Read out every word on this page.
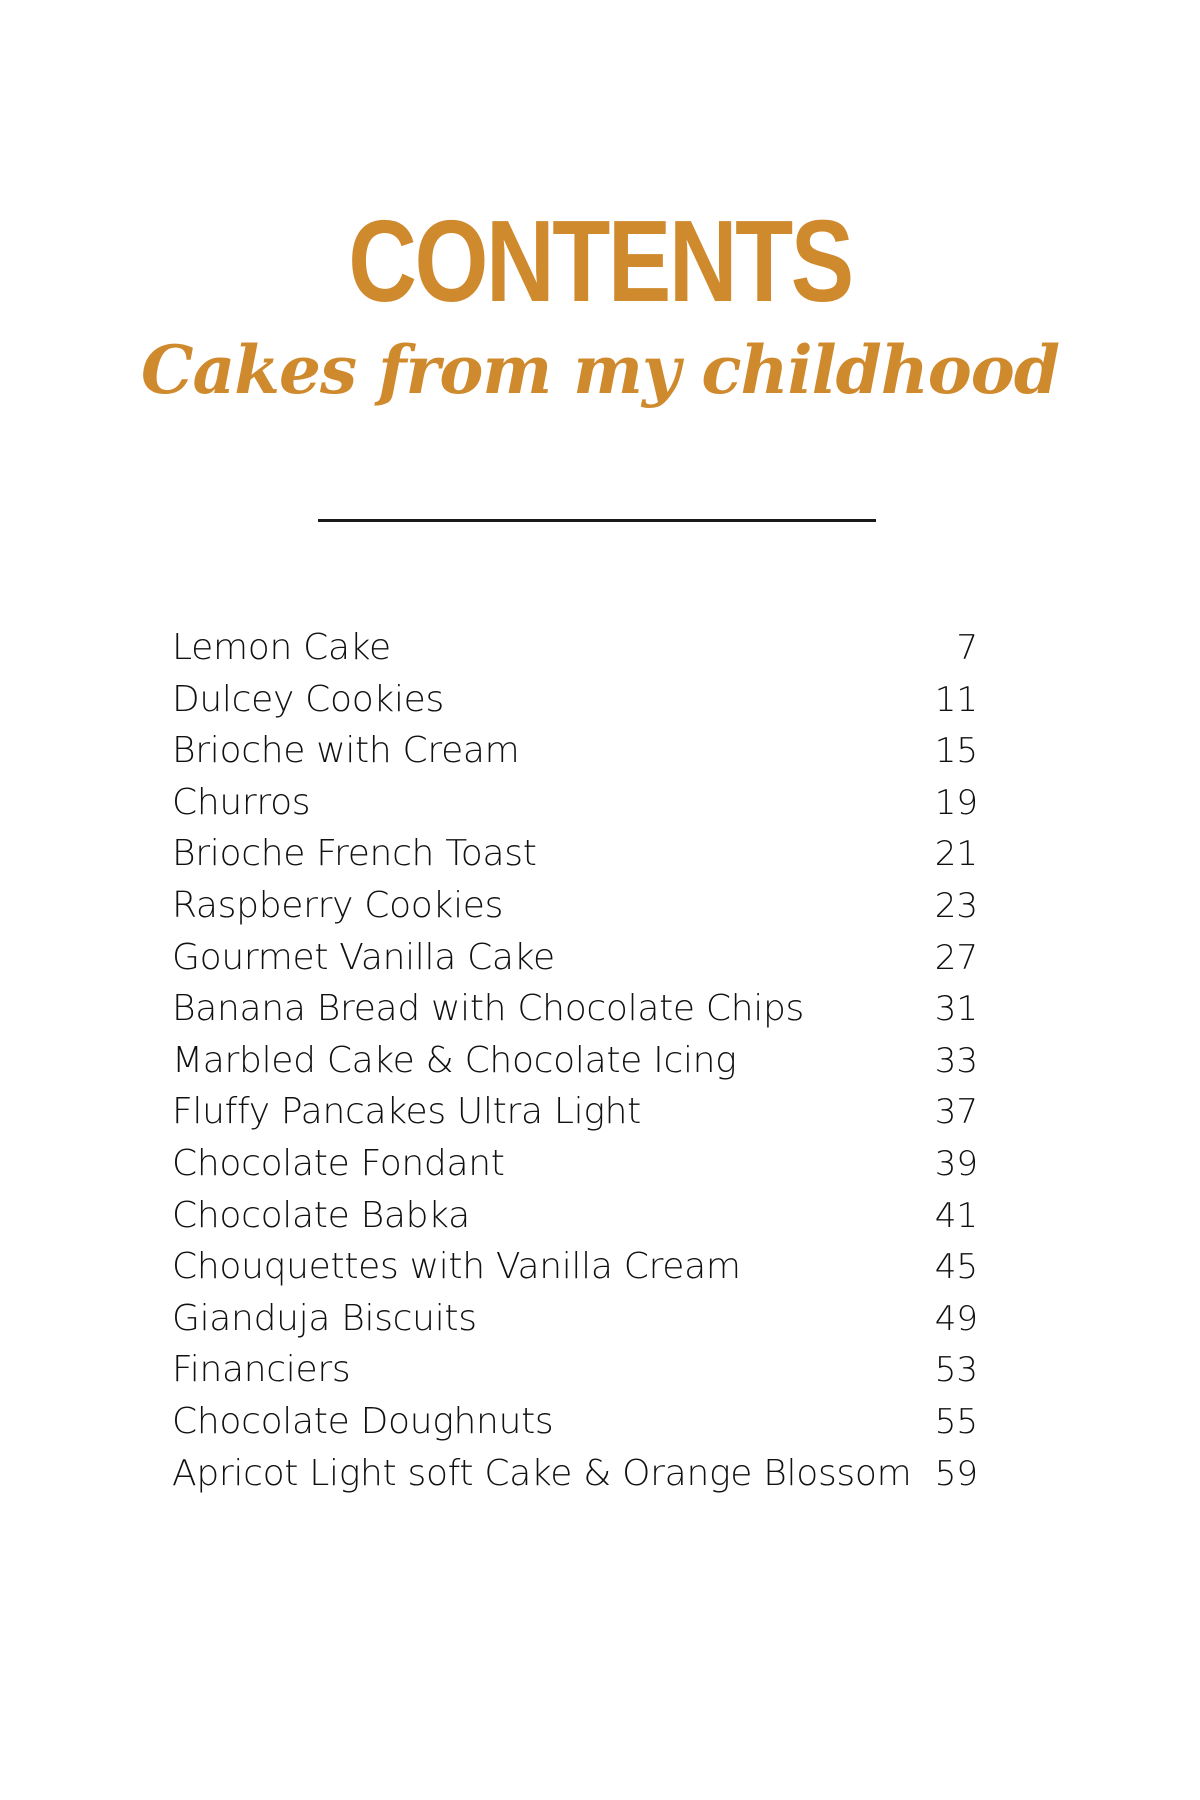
CONTENTS
Cakes from my childhood
Lemon Cake	7
Dulcey Cookies	11
Brioche with Cream	15
Churros	19
Brioche French Toast	21
Raspberry Cookies	23
Gourmet Vanilla Cake	27
Banana Bread with Chocolate Chips	31
Marbled Cake & Chocolate Icing	33
Fluffy Pancakes Ultra Light	37
Chocolate Fondant	39
Chocolate Babka	41
Chouquettes with Vanilla Cream	45
Gianduja Biscuits	49
Financiers	53
Chocolate Doughnuts	55
Apricot Light soft Cake & Orange Blossom 59
